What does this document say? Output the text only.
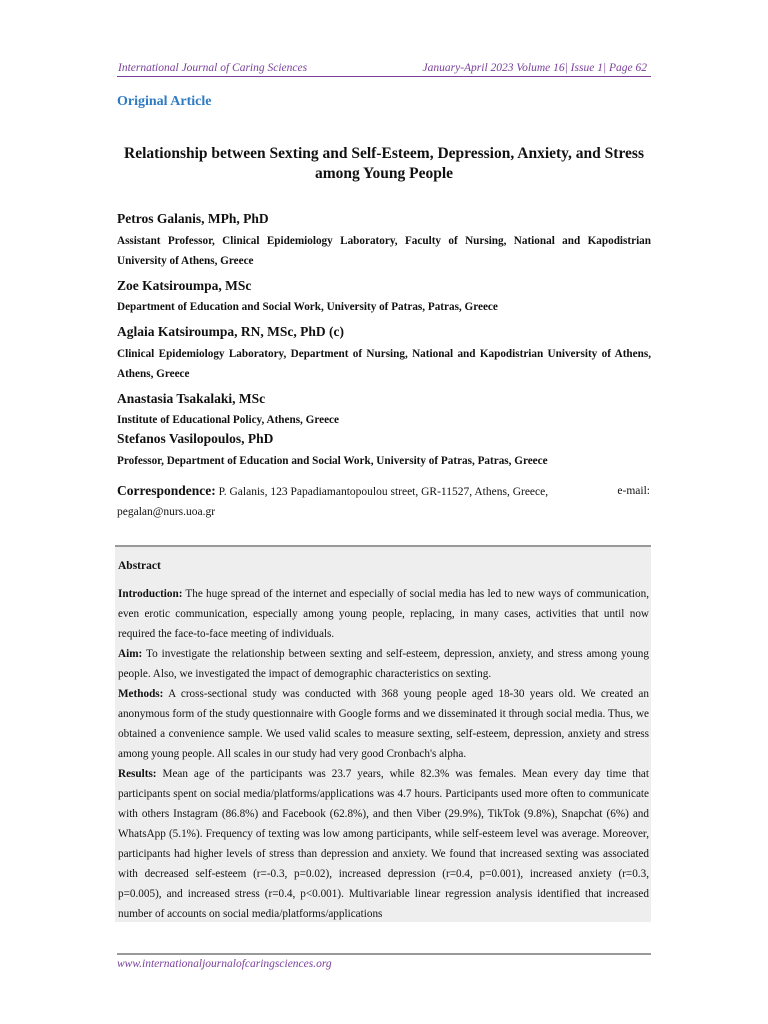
International Journal of Caring Sciences	January-April 2023 Volume 16| Issue 1| Page 62
Original Article
Relationship between Sexting and Self-Esteem, Depression, Anxiety, and Stress among Young People
Petros Galanis, MPh, PhD
Assistant Professor, Clinical Epidemiology Laboratory, Faculty of Nursing, National and Kapodistrian University of Athens, Greece
Zoe Katsiroumpa, MSc
Department of Education and Social Work, University of Patras, Patras, Greece
Aglaia Katsiroumpa, RN, MSc, PhD (c)
Clinical Epidemiology Laboratory, Department of Nursing, National and Kapodistrian University of Athens, Athens, Greece
Anastasia Tsakalaki, MSc
Institute of Educational Policy, Athens, Greece
Stefanos Vasilopoulos, PhD
Professor, Department of Education and Social Work, University of Patras, Patras, Greece
Correspondence: P. Galanis, 123 Papadiamantopoulou street, GR-11527, Athens, Greece,	e-mail:

pegalan@nurs.uoa.gr
Abstract

Introduction: The huge spread of the internet and especially of social media has led to new ways of communication, even erotic communication, especially among young people, replacing, in many cases, activities that until now required the face-to-face meeting of individuals.

Aim: To investigate the relationship between sexting and self-esteem, depression, anxiety, and stress among young people. Also, we investigated the impact of demographic characteristics on sexting.

Methods: A cross-sectional study was conducted with 368 young people aged 18-30 years old. We created an anonymous form of the study questionnaire with Google forms and we disseminated it through social media. Thus, we obtained a convenience sample. We used valid scales to measure sexting, self-esteem, depression, anxiety and stress among young people. All scales in our study had very good Cronbach's alpha.

Results: Mean age of the participants was 23.7 years, while 82.3% was females. Mean every day time that participants spent on social media/platforms/applications was 4.7 hours. Participants used more often to communicate with others Instagram (86.8%) and Facebook (62.8%), and then Viber (29.9%), TikTok (9.8%), Snapchat (6%) and WhatsApp (5.1%). Frequency of texting was low among participants, while self-esteem level was average. Moreover, participants had higher levels of stress than depression and anxiety. We found that increased sexting was associated with decreased self-esteem (r=-0.3, p=0.02), increased depression (r=0.4, p=0.001), increased anxiety (r=0.3, p=0.005), and increased stress (r=0.4, p<0.001). Multivariable linear regression analysis identified that increased number of accounts on social media/platforms/applications

www.internationaljournalofcaringsciences.org
